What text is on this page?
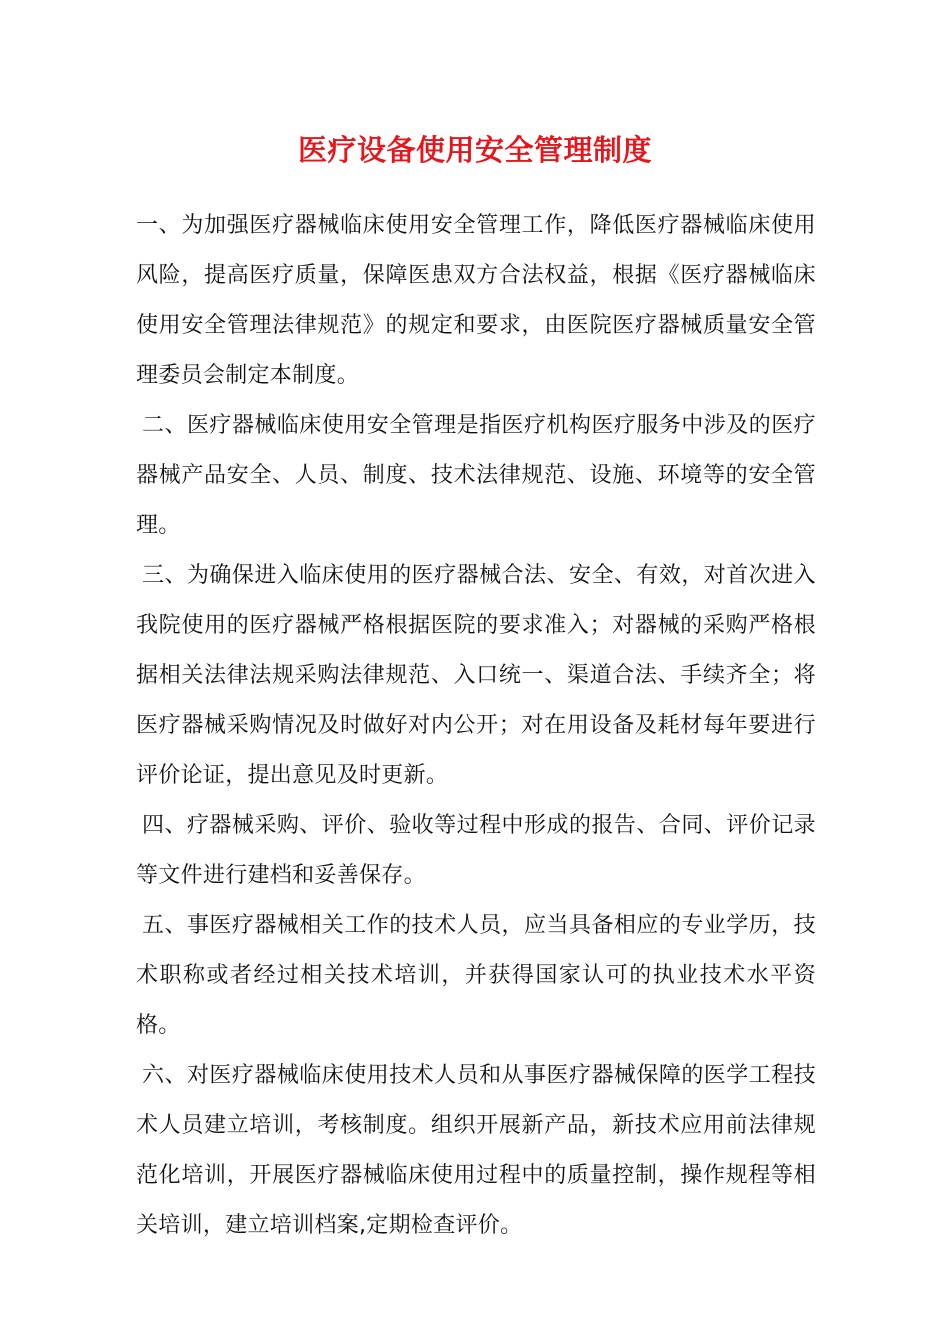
医疗设备使用安全管理制度

一、为加强医疗器械临床使用安全管理工作，降低医疗器械临床使用风险，提高医疗质量，保障医患双方合法权益，根据《医疗器械临床使用安全管理法律规范》的规定和要求，由医院医疗器械质量安全管理委员会制定本制度。

二、医疗器械临床使用安全管理是指医疗机构医疗服务中涉及的医疗器械产品安全、人员、制度、技术法律规范、设施、环境等的安全管理。

三、为确保进入临床使用的医疗器械合法、安全、有效，对首次进入我院使用的医疗器械严格根据医院的要求准入；对器械的采购严格根据相关法律法规采购法律规范、入口统一、渠道合法、手续齐全；将医疗器械采购情况及时做好对内公开；对在用设备及耗材每年要进行评价论证，提出意见及时更新。

四、疗器械采购、评价、验收等过程中形成的报告、合同、评价记录等文件进行建档和妥善保存。

五、事医疗器械相关工作的技术人员，应当具备相应的专业学历，技术职称或者经过相关技术培训，并获得国家认可的执业技术水平资格。

六、对医疗器械临床使用技术人员和从事医疗器械保障的医学工程技术人员建立培训，考核制度。组织开展新产品，新技术应用前法律规范化培训，开展医疗器械临床使用过程中的质量控制，操作规程等相关培训，建立培训档案,定期检查评价。
